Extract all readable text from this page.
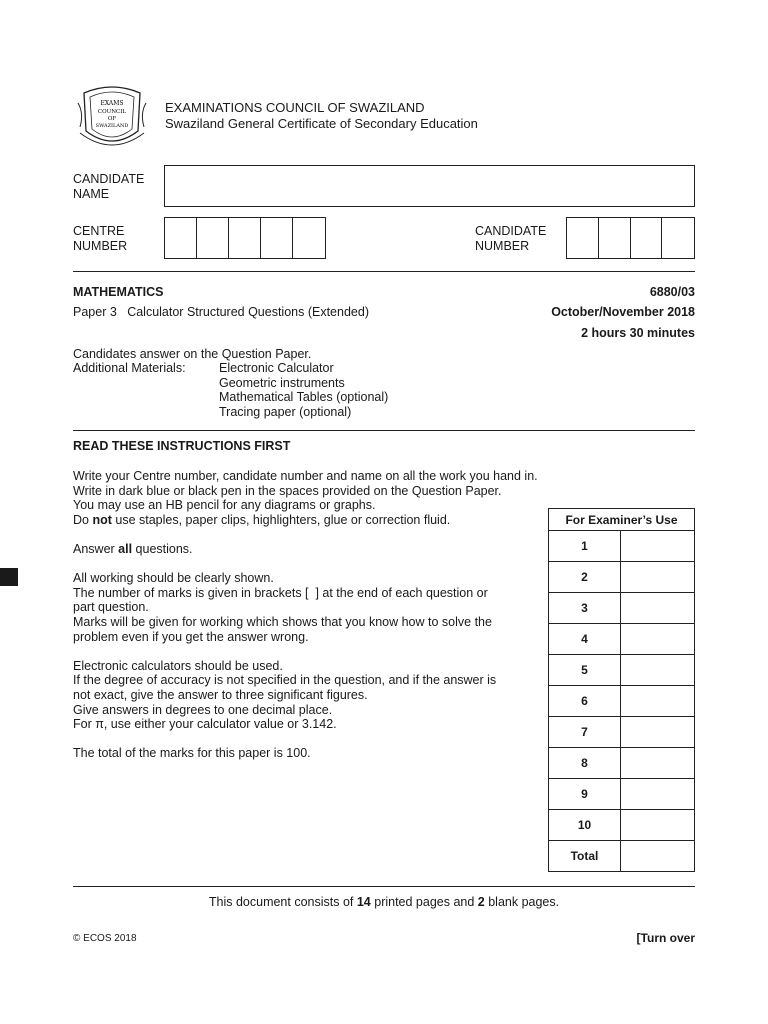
EXAMS
COUNCIL
OF
SWAZILAND
EXAMINATIONS COUNCIL OF SWAZILAND
Swaziland General Certificate of Secondary Education
CANDIDATE
NAME
CENTRE
NUMBER
CANDIDATE
NUMBER
MATHEMATICS	6880/03
Paper 3   Calculator Structured Questions (Extended)	October/November 2018
2 hours 30 minutes
Candidates answer on the Question Paper.
Additional Materials:	Electronic Calculator
Geometric instruments
Mathematical Tables (optional)
Tracing paper (optional)
READ THESE INSTRUCTIONS FIRST

Write your Centre number, candidate number and name on all the work you hand in.

Write in dark blue or black pen in the spaces provided on the Question Paper.

You may use an HB pencil for any diagrams or graphs.

Do not use staples, paper clips, highlighters, glue or correction fluid.

Answer all questions.

All working should be clearly shown.

The number of marks is given in brackets [  ] at the end of each question or

part question.

Marks will be given for working which shows that you know how to solve the

problem even if you get the answer wrong.

Electronic calculators should be used.

If the degree of accuracy is not specified in the question, and if the answer is

not exact, give the answer to three significant figures.

Give answers in degrees to one decimal place.

For π, use either your calculator value or 3.142.

The total of the marks for this paper is 100.

For Examiner’s Use	
1	
2	
3	
4	
5	
6	
7	
8	
9	
10	
Total	
This document consists of 14 printed pages and 2 blank pages.
© ECOS 2018	[Turn over
